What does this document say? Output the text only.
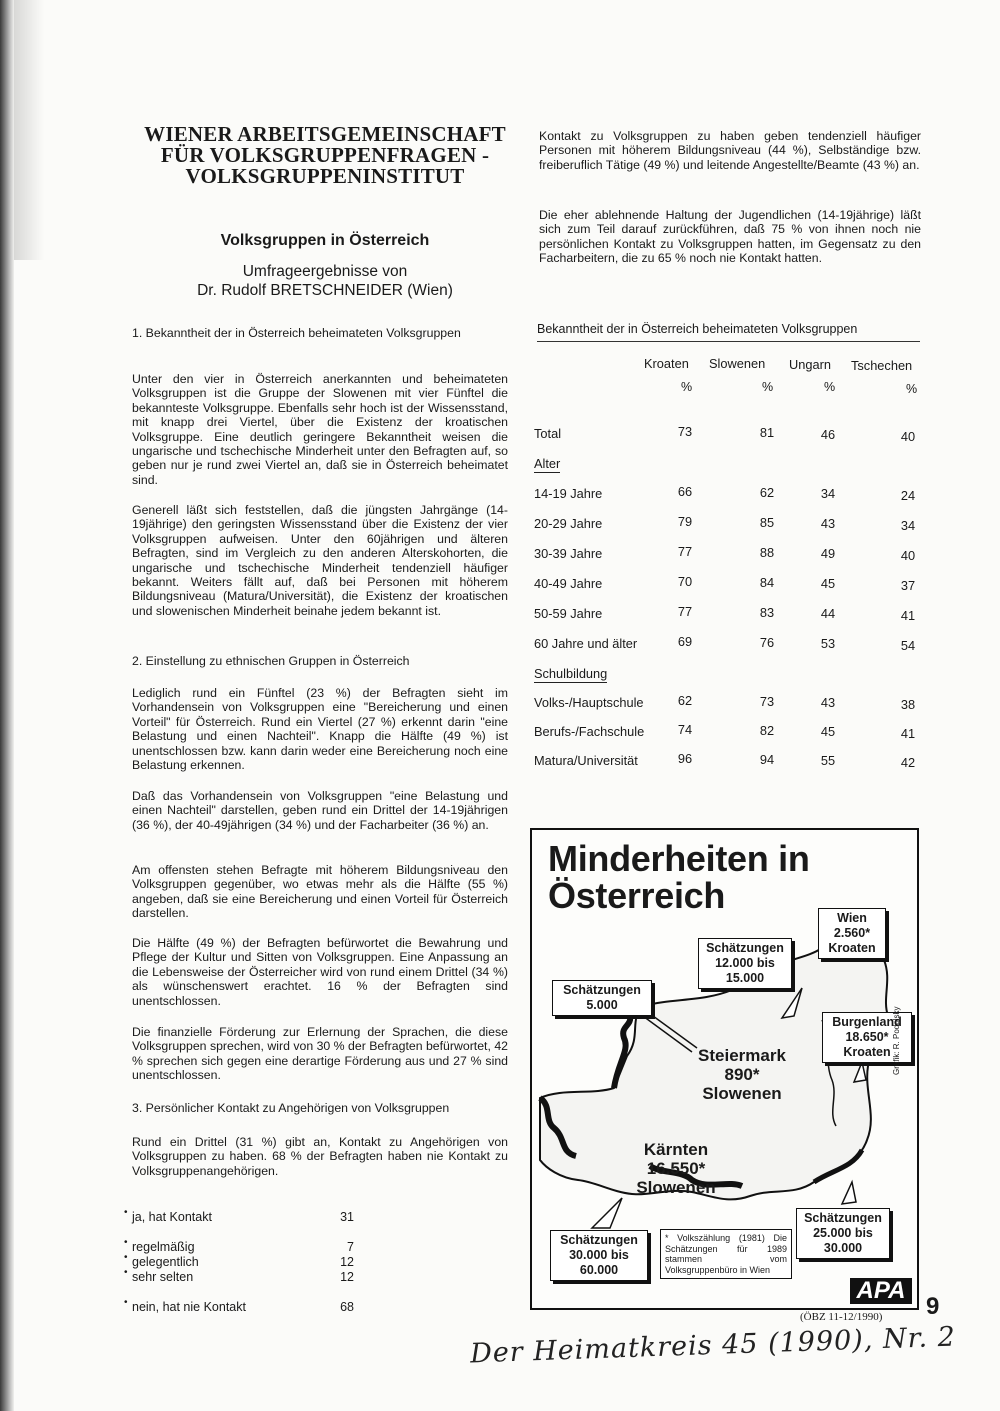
WIENER ARBEITSGEMEINSCHAFT
FÜR VOLKSGRUPPENFRAGEN -
VOLKSGRUPPENINSTITUT
Volksgruppen in Österreich
Umfrageergebnisse von
Dr. Rudolf BRETSCHNEIDER (Wien)
1. Bekanntheit der in Österreich beheimateten Volksgruppen
Unter den vier in Österreich anerkannten und beheimateten Volksgruppen ist die Gruppe der Slowenen mit vier Fünftel die bekannteste Volksgruppe. Ebenfalls sehr hoch ist der Wissensstand, mit knapp drei Viertel, über die Existenz der kroatischen Volksgruppe. Eine deutlich geringere Bekanntheit weisen die ungarische und tschechische Minderheit unter den Befragten auf, so geben nur je rund zwei Viertel an, daß sie in Österreich beheimatet sind.
Generell läßt sich feststellen, daß die jüngsten Jahrgänge (14-19jährige) den geringsten Wissensstand über die Existenz der vier Volksgruppen aufweisen. Unter den 60jährigen und älteren Befragten, sind im Vergleich zu den anderen Alterskohorten, die ungarische und tschechische Minderheit tendenziell häufiger bekannt. Weiters fällt auf, daß bei Personen mit höherem Bildungsniveau (Matura/Universität), die Existenz der kroatischen und slowenischen Minderheit beinahe jedem bekannt ist.
2. Einstellung zu ethnischen Gruppen in Österreich
Lediglich rund ein Fünftel (23 %) der Befragten sieht im Vorhandensein von Volksgruppen eine "Bereicherung und einen Vorteil" für Österreich. Rund ein Viertel (27 %) erkennt darin "eine Belastung und einen Nachteil". Knapp die Hälfte (49 %) ist unentschlossen bzw. kann darin weder eine Bereicherung noch eine Belastung erkennen.
Daß das Vorhandensein von Volksgruppen "eine Belastung und einen Nachteil" darstellen, geben rund ein Drittel der 14-19jährigen (36 %), der 40-49jährigen (34 %) und der Facharbeiter (36 %) an.
Am offensten stehen Befragte mit höherem Bildungsniveau den Volksgruppen gegenüber, wo etwas mehr als die Hälfte (55 %) angeben, daß sie eine Bereicherung und einen Vorteil für Österreich darstellen.
Die Hälfte (49 %) der Befragten befürwortet die Bewahrung und Pflege der Kultur und Sitten von Volksgruppen. Eine Anpassung an die Lebensweise der Österreicher wird von rund einem Drittel (34 %) als wünschenswert erachtet. 16 % der Befragten sind unentschlossen.
Die finanzielle Förderung zur Erlernung der Sprachen, die diese Volksgruppen sprechen, wird von 30 % der Befragten befürwortet, 42 % sprechen sich gegen eine derartige Förderung aus und 27 % sind unentschlossen.
3. Persönlicher Kontakt zu Angehörigen von Volksgruppen
Rund ein Drittel (31 %) gibt an, Kontakt zu Angehörigen von Volksgruppen zu haben. 68 % der Befragten haben nie Kontakt zu Volksgruppenangehörigen.
• ja, hat Kontakt	31
• regelmäßig	7
• gelegentlich	12
• sehr selten	12
• nein, hat nie Kontakt	68
Kontakt zu Volksgruppen zu haben geben tendenziell häufiger Personen mit höherem Bildungsniveau (44 %), Selbständige bzw. freiberuflich Tätige (49 %) und leitende Angestellte/Beamte (43 %) an.
Die eher ablehnende Haltung der Jugendlichen (14-19jährige) läßt sich zum Teil darauf zurückführen, daß 75 % von ihnen noch nie persönlichen Kontakt zu Volksgruppen hatten, im Gegensatz zu den Facharbeitern, die zu 65 % noch nie Kontakt hatten.
Bekanntheit der in Österreich beheimateten Volksgruppen
Kroaten Slowenen Ungarn Tschechen
%	%	%	%
Total	73	81	46	40
Alter
14-19 Jahre	66	62	34	24
20-29 Jahre	79	85	43	34
30-39 Jahre	77	88	49	40
40-49 Jahre	70	84	45	37
50-59 Jahre	77	83	44	41
60 Jahre und älter	69	76	53	54
Schulbildung
Volks-/Hauptschule	62	73	43	38
Berufs-/Fachschule	74	82	45	41
Matura/Universität	96	94	55	42
Minderheiten in
Österreich
Wien
2.560*
Kroaten
Schätzungen
12.000 bis
15.000
Schätzungen
5.000
Burgenland
18.650*
Kroaten
Steiermark
890*
Slowenen
Kärnten
16.550*
Slowenen
Schätzungen
25.000 bis
30.000
Schätzungen
30.000 bis
60.000
* Volkszählung (1981) Die Schätzungen für 1989 stammen vom Volksgruppenbüro in Wien
Grafik: R. Podolsky
APA
(ÖBZ 11-12/1990) 9
Der Heimatkreis 45 (1990), Nr. 2
